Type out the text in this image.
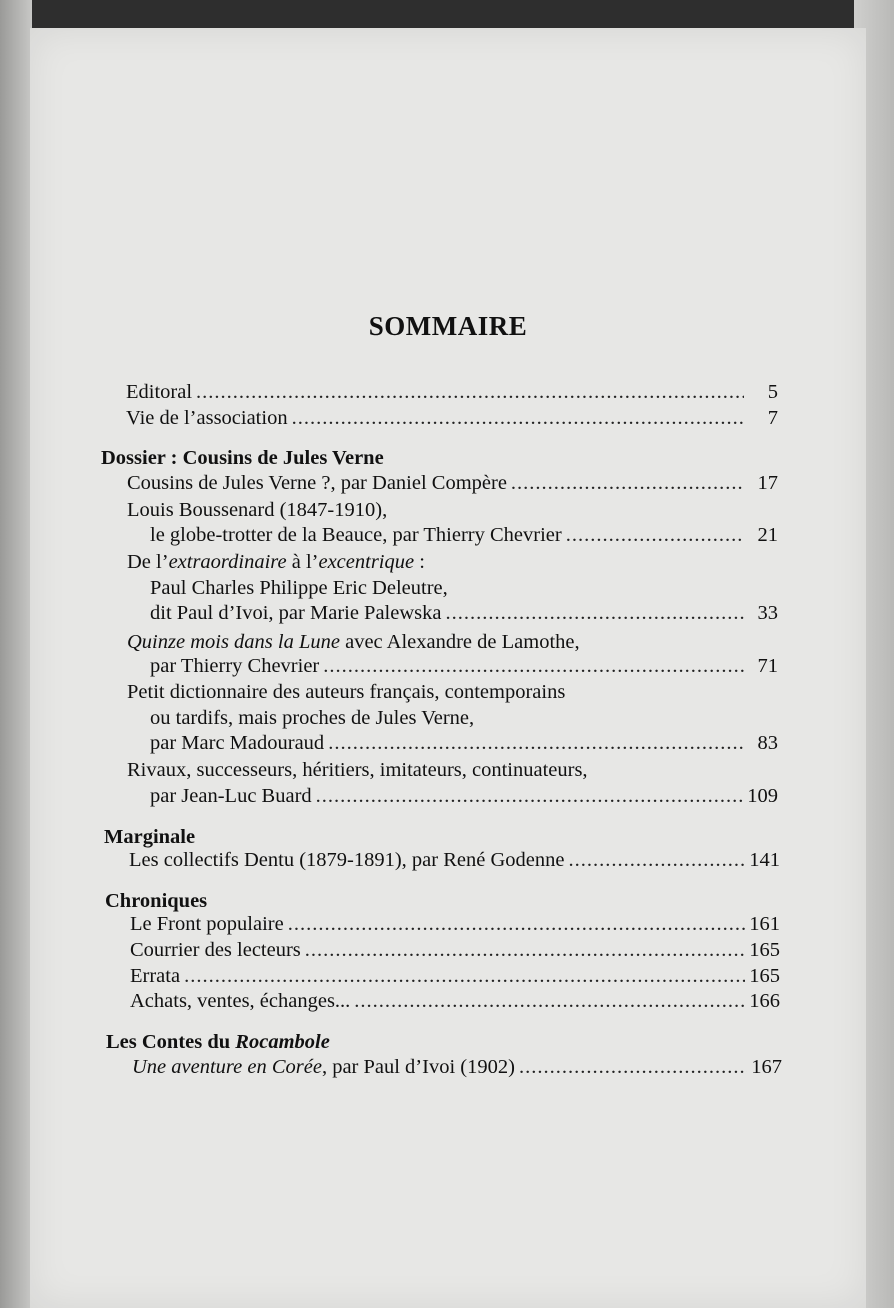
SOMMAIRE
Editoral .....	5
Vie de l’association .....	7
Dossier : Cousins de Jules Verne
Cousins de Jules Verne ?, par Daniel Compère .....	17
Louis Boussenard (1847-1910),
le globe-trotter de la Beauce, par Thierry Chevrier .....	21
De l’extraordinaire à l’excentrique :
Paul Charles Philippe Eric Deleutre,
dit Paul d’Ivoi, par Marie Palewska .....	33
Quinze mois dans la Lune avec Alexandre de Lamothe,
par Thierry Chevrier .....	71
Petit dictionnaire des auteurs français, contemporains
ou tardifs, mais proches de Jules Verne,
par Marc Madouraud .....	83
Rivaux, successeurs, héritiers, imitateurs, continuateurs,
par Jean-Luc Buard .....	109
Marginale
Les collectifs Dentu (1879-1891), par René Godenne .....	141
Chroniques
Le Front populaire .....	161
Courrier des lecteurs .....	165
Errata .....	165
Achats, ventes, échanges... .....	166
Les Contes du Rocambole
Une aventure en Corée, par Paul d’Ivoi (1902) .....	167
